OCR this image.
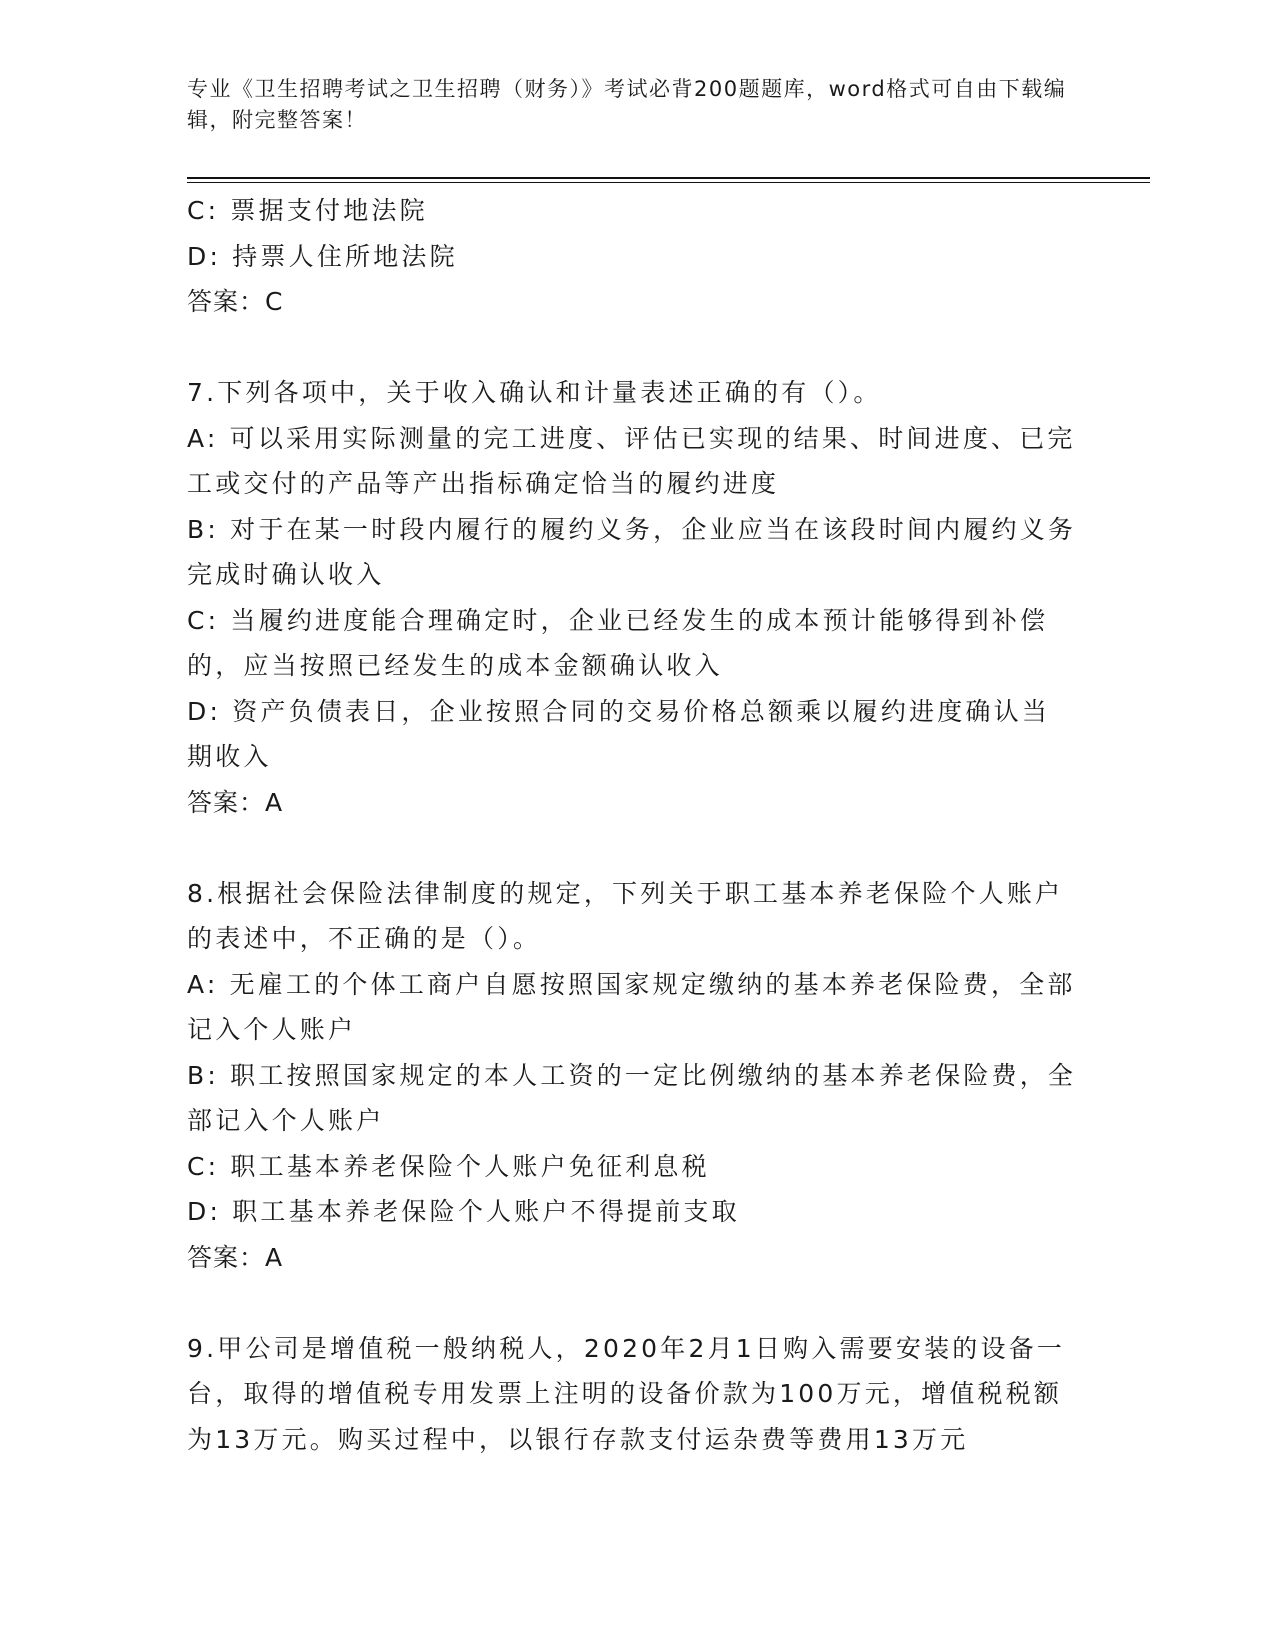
专业《卫生招聘考试之卫生招聘（财务）》考试必背200题题库，word格式可自由下载编辑，附完整答案！

C: 票据支付地法院

D: 持票人住所地法院

答案：C

7.下列各项中，关于收入确认和计量表述正确的有（）。

A: 可以采用实际测量的完工进度、评估已实现的结果、时间进度、已完工或交付的产品等产出指标确定恰当的履约进度

B: 对于在某一时段内履行的履约义务，企业应当在该段时间内履约义务完成时确认收入

C: 当履约进度能合理确定时，企业已经发生的成本预计能够得到补偿的，应当按照已经发生的成本金额确认收入

D: 资产负债表日，企业按照合同的交易价格总额乘以履约进度确认当期收入

答案：A

8.根据社会保险法律制度的规定，下列关于职工基本养老保险个人账户的表述中，不正确的是（）。

A: 无雇工的个体工商户自愿按照国家规定缴纳的基本养老保险费，全部记入个人账户

B: 职工按照国家规定的本人工资的一定比例缴纳的基本养老保险费，全部记入个人账户

C: 职工基本养老保险个人账户免征利息税

D: 职工基本养老保险个人账户不得提前支取

答案：A

9.甲公司是增值税一般纳税人，2020年2月1日购入需要安装的设备一台，取得的增值税专用发票上注明的设备价款为100万元，增值税税额为13万元。购买过程中，以银行存款支付运杂费等费用13万元
